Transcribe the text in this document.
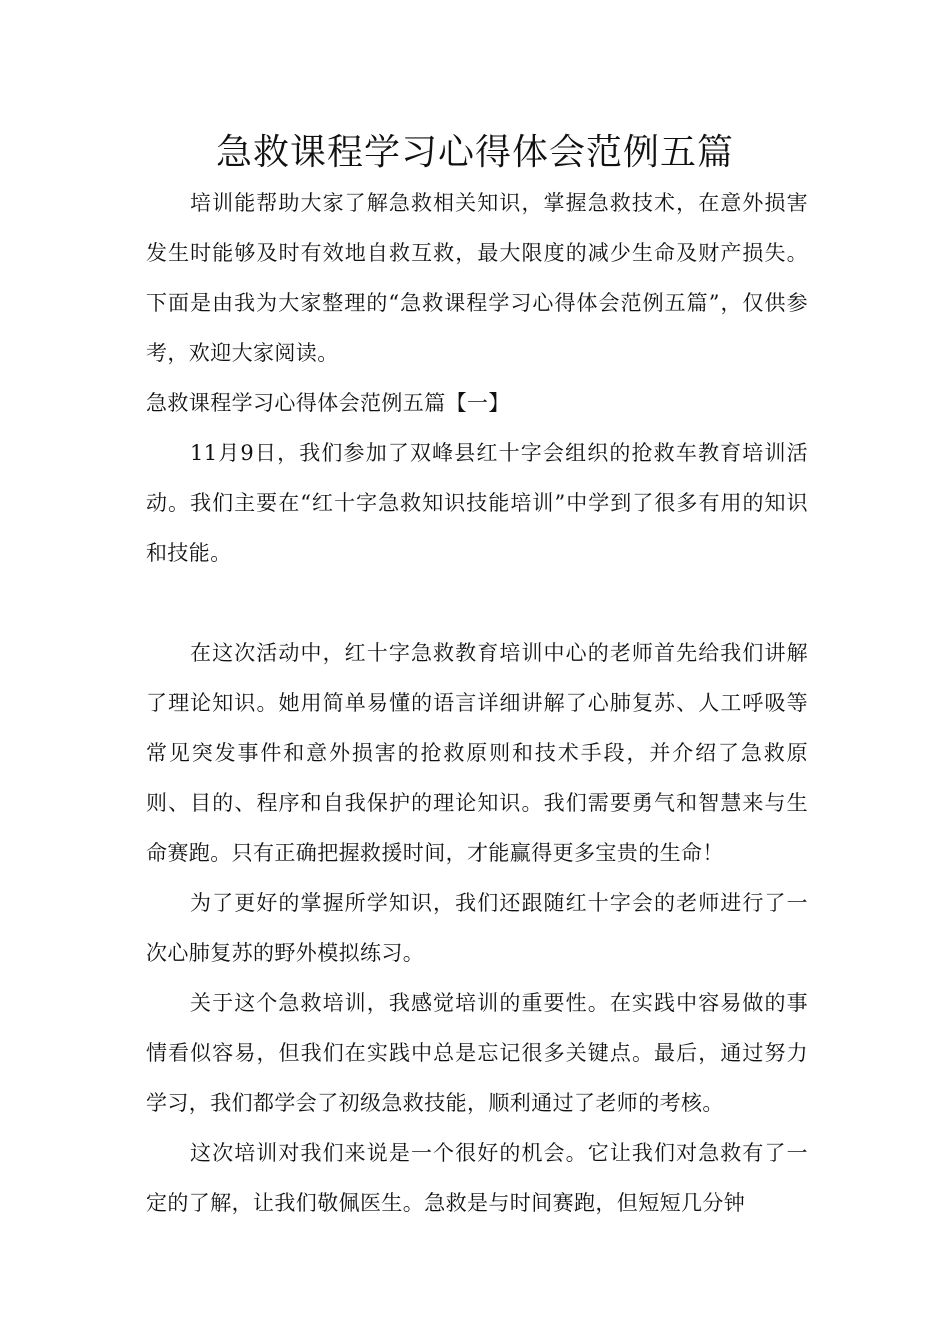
急救课程学习心得体会范例五篇

培训能帮助大家了解急救相关知识，掌握急救技术，在意外损害发生时能够及时有效地自救互救，最大限度的减少生命及财产损失。下面是由我为大家整理的“急救课程学习心得体会范例五篇”，仅供参考，欢迎大家阅读。

急救课程学习心得体会范例五篇【一】

11月9日，我们参加了双峰县红十字会组织的抢救车教育培训活动。我们主要在“红十字急救知识技能培训”中学到了很多有用的知识和技能。

在这次活动中，红十字急救教育培训中心的老师首先给我们讲解了理论知识。她用简单易懂的语言详细讲解了心肺复苏、人工呼吸等常见突发事件和意外损害的抢救原则和技术手段，并介绍了急救原则、目的、程序和自我保护的理论知识。我们需要勇气和智慧来与生命赛跑。只有正确把握救援时间，才能赢得更多宝贵的生命！

为了更好的掌握所学知识，我们还跟随红十字会的老师进行了一次心肺复苏的野外模拟练习。

关于这个急救培训，我感觉培训的重要性。在实践中容易做的事情看似容易，但我们在实践中总是忘记很多关键点。最后，通过努力学习，我们都学会了初级急救技能，顺利通过了老师的考核。

这次培训对我们来说是一个很好的机会。它让我们对急救有了一定的了解，让我们敬佩医生。急救是与时间赛跑，但短短几分钟
